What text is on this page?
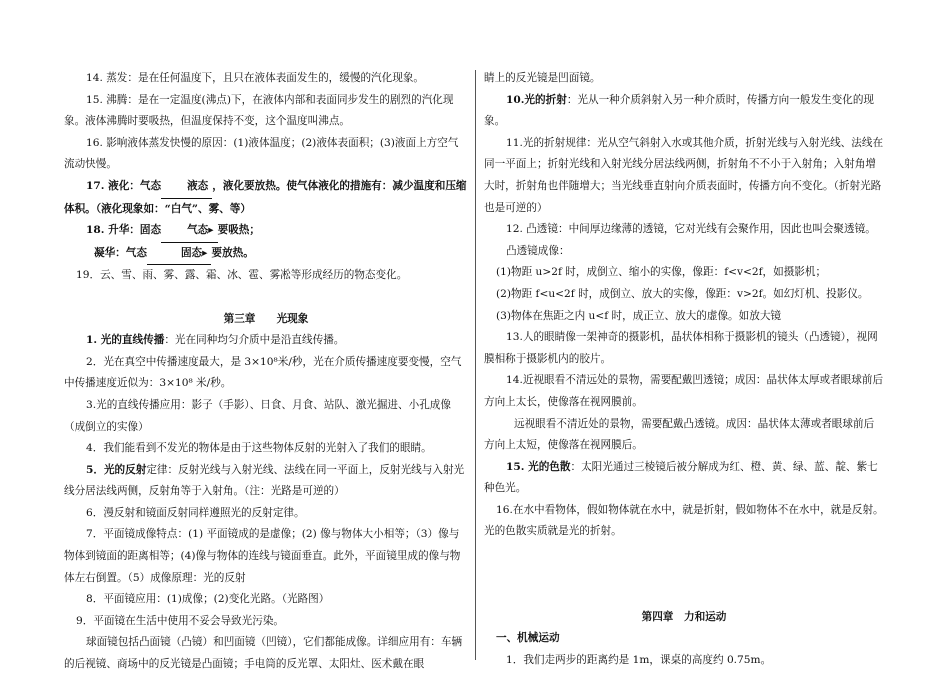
14. 蒸发：是在任何温度下，且只在液体表面发生的，缓慢的汽化现象。

15. 沸腾：是在一定温度(沸点)下，在液体内部和表面同步发生的剧烈的汽化现象。液体沸腾时要吸热，但温度保持不变，这个温度叫沸点。

16. 影响液体蒸发快慢的原因：(1)液体温度；(2)液体表面积；(3)液面上方空气流动快慢。

17. 液化：气态 液态 ，液化要放热。使气体液化的措施有：减少温度和压缩体积。（液化现象如：“白气”、雾、等）

18. 升华：固态 气态▸ 要吸热；

凝华：气态	固态▸ 要放热。

19．云、雪、雨、雾、露、霜、冰、雹、雾凇等形成经历的物态变化。

第三章　　光现象

1. 光的直线传播：光在同种均匀介质中是沿直线传播。

2．光在真空中传播速度最大，是 3×10⁸米/秒，光在介质传播速度要变慢，空气中传播速度近似为：3×10⁸ 米/秒。

3.光的直线传播应用：影子（手影）、日食、月食、站队、激光掘进、小孔成像（成倒立的实像）

4．我们能看到不发光的物体是由于这些物体反射的光射入了我们的眼睛。

5．光的反射定律：反射光线与入射光线、法线在同一平面上，反射光线与入射光线分居法线两侧，反射角等于入射角。（注：光路是可逆的）

6．漫反射和镜面反射同样遵照光的反射定律。

7．平面镜成像特点：(1) 平面镜成的是虚像；(2) 像与物体大小相等；（3）像与物体到镜面的距离相等；(4)像与物体的连线与镜面垂直。此外，平面镜里成的像与物体左右倒置。（5）成像原理：光的反射

8．平面镜应用：(1)成像；(2)变化光路。（光路图）

9．平面镜在生活中使用不妥会导致光污染。

球面镜包括凸面镜（凸镜）和凹面镜（凹镜），它们都能成像。详细应用有：车辆的后视镜、商场中的反光镜是凸面镜；手电筒的反光罩、太阳灶、医术戴在眼

睛上的反光镜是凹面镜。

10.光的折射：光从一种介质斜射入另一种介质时，传播方向一般发生变化的现象。

11.光的折射规律：光从空气斜射入水或其他介质，折射光线与入射光线、法线在同一平面上；折射光线和入射光线分居法线两侧，折射角不不小于入射角；入射角增大时，折射角也伴随增大；当光线垂直射向介质表面时，传播方向不变化。（折射光路也是可逆的）

12. 凸透镜：中间厚边缘薄的透镜，它对光线有会聚作用，因此也叫会聚透镜。

凸透镜成像：

(1)物距 u>2f 时，成倒立、缩小的实像，像距：f<v<2f，如摄影机；

(2)物距 f<u<2f 时，成倒立、放大的实像，像距：v>2f。如幻灯机、投影仪。

(3)物体在焦距之内 u<f 时，成正立、放大的虚像。如放大镜

13.人的眼睛像一架神奇的摄影机，晶状体相称于摄影机的镜头（凸透镜），视网膜相称于摄影机内的胶片。

14.近视眼看不清远处的景物，需要配戴凹透镜；成因：晶状体太厚或者眼球前后方向上太长，使像落在视网膜前。

远视眼看不清近处的景物，需要配戴凸透镜。成因：晶状体太薄或者眼球前后方向上太短，使像落在视网膜后。

15. 光的色散：太阳光通过三棱镜后被分解成为红、橙、黄、绿、蓝、靛、紫七种色光。

16.在水中看物体，假如物体就在水中，就是折射，假如物体不在水中，就是反射。光的色散实质就是光的折射。

第四章　力和运动

一、机械运动

1．我们走两步的距离约是 1m，课桌的高度约 0.75m。
